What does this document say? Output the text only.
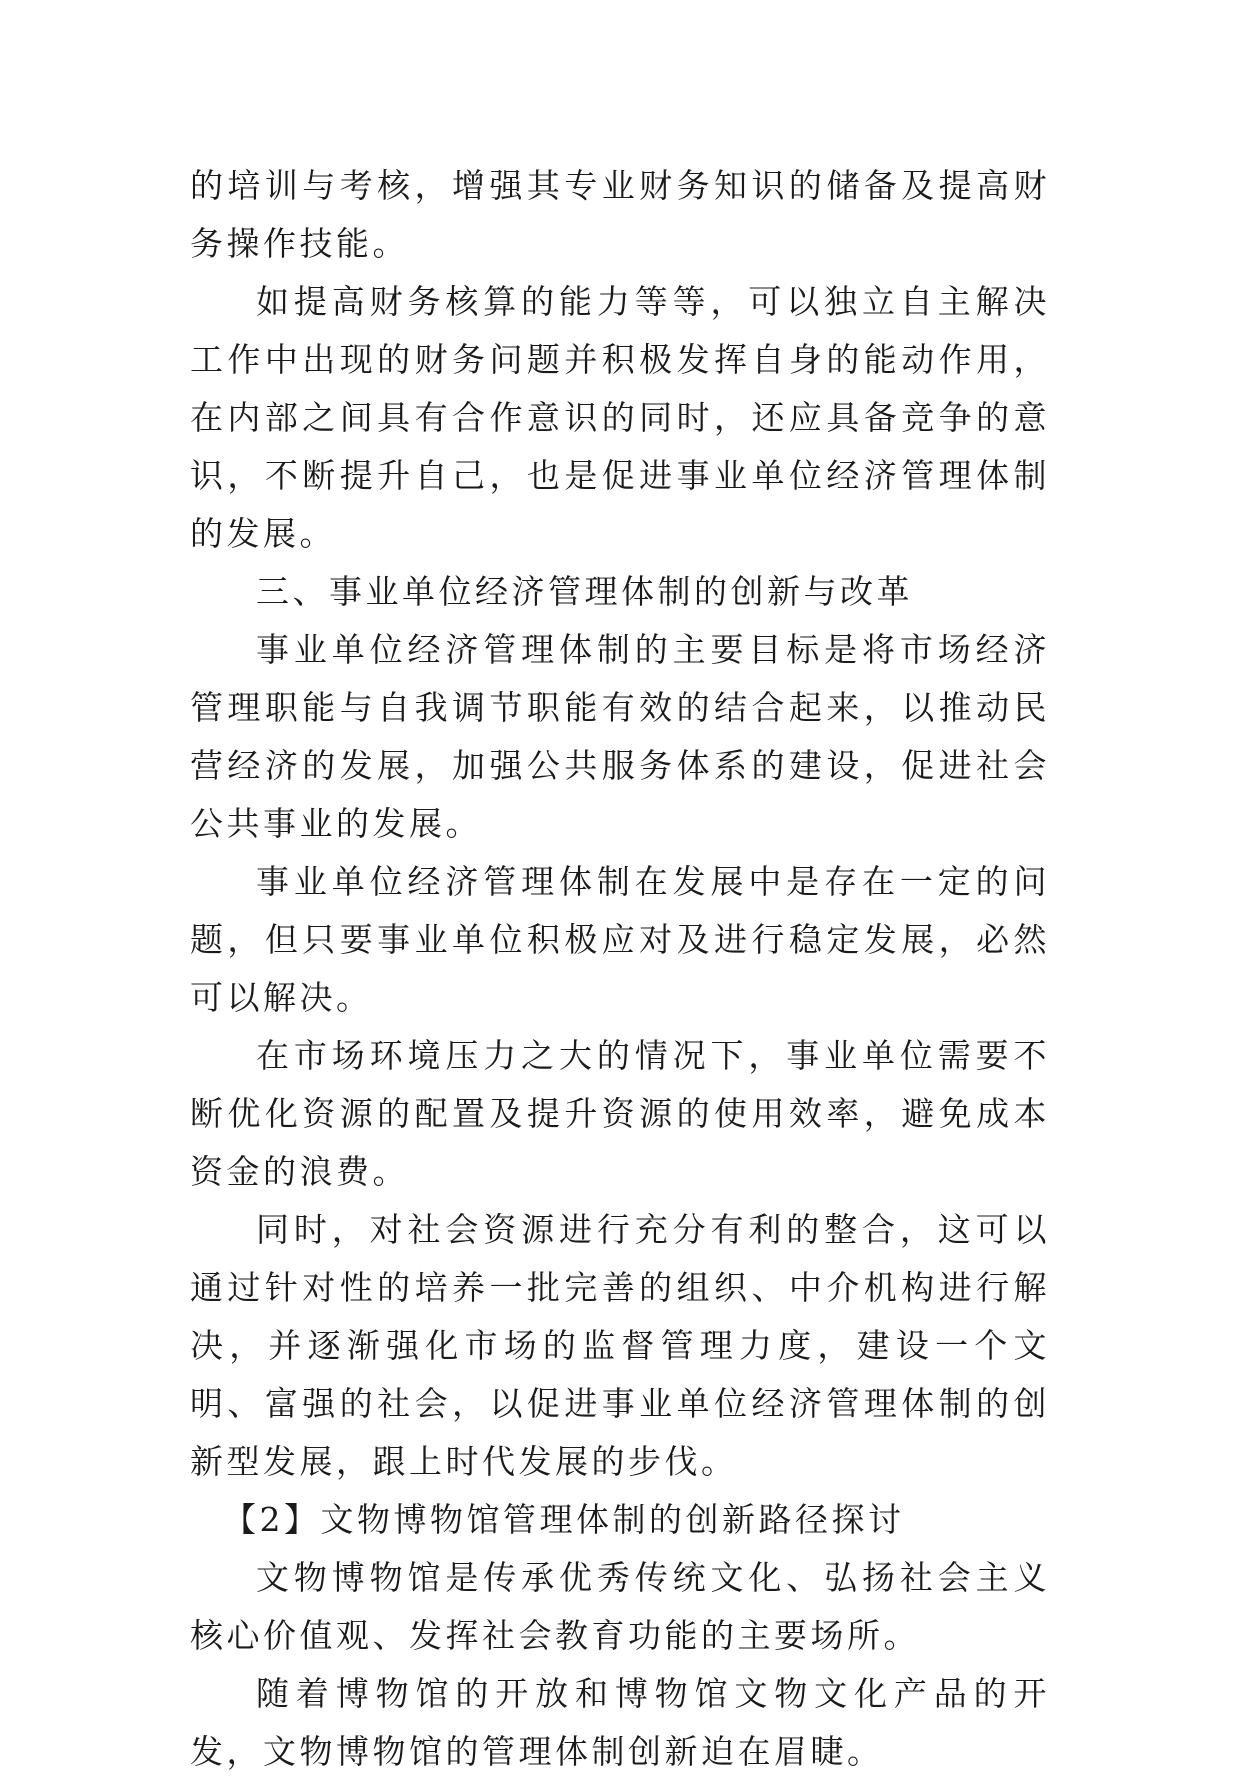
的培训与考核，增强其专业财务知识的储备及提高财务操作技能。

如提高财务核算的能力等等，可以独立自主解决工作中出现的财务问题并积极发挥自身的能动作用，在内部之间具有合作意识的同时，还应具备竞争的意识，不断提升自己，也是促进事业单位经济管理体制的发展。

三、事业单位经济管理体制的创新与改革

事业单位经济管理体制的主要目标是将市场经济管理职能与自我调节职能有效的结合起来，以推动民营经济的发展，加强公共服务体系的建设，促进社会公共事业的发展。

事业单位经济管理体制在发展中是存在一定的问题，但只要事业单位积极应对及进行稳定发展，必然可以解决。

在市场环境压力之大的情况下，事业单位需要不断优化资源的配置及提升资源的使用效率，避免成本资金的浪费。

同时，对社会资源进行充分有利的整合，这可以通过针对性的培养一批完善的组织、中介机构进行解决，并逐渐强化市场的监督管理力度，建设一个文明、富强的社会，以促进事业单位经济管理体制的创新型发展，跟上时代发展的步伐。

【2】文物博物馆管理体制的创新路径探讨

文物博物馆是传承优秀传统文化、弘扬社会主义核心价值观、发挥社会教育功能的主要场所。

随着博物馆的开放和博物馆文物文化产品的开发，文物博物馆的管理体制创新迫在眉睫。
